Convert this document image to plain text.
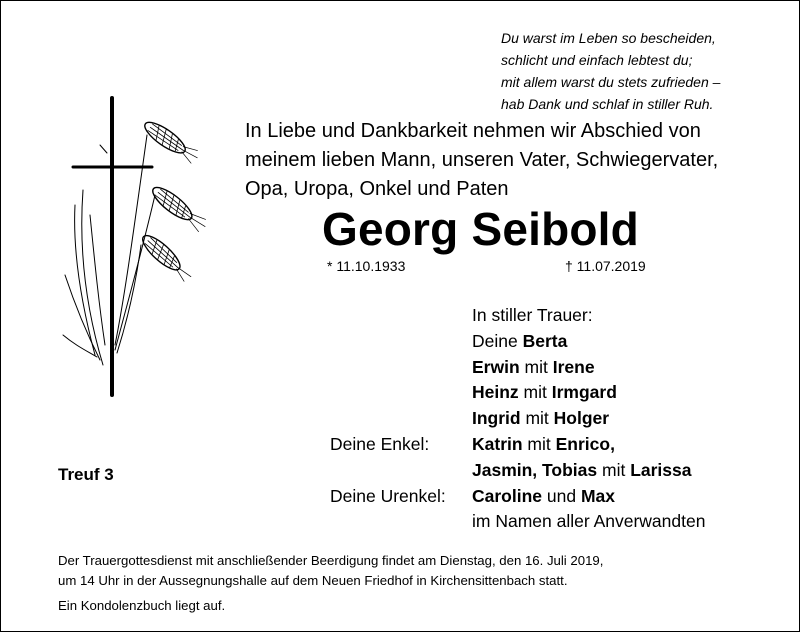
Du warst im Leben so bescheiden,
schlicht und einfach lebtest du;
mit allem warst du stets zufrieden –
hab Dank und schlaf in stiller Ruh.
In Liebe und Dankbarkeit nehmen wir Abschied von
meinem lieben Mann, unseren Vater, Schwiegervater,
Opa, Uropa, Onkel und Paten
Georg Seibold
* 11.10.1933	† 11.07.2019
In stiller Trauer:
Deine Berta
Erwin mit Irene
Heinz mit Irmgard
Ingrid mit Holger
Deine Enkel: Katrin mit Enrico,
Jasmin, Tobias mit Larissa
Deine Urenkel: Caroline und Max
im Namen aller Anverwandten
Treuf 3
Der Trauergottesdienst mit anschließender Beerdigung findet am Dienstag, den 16. Juli 2019,
um 14 Uhr in der Aussegnungshalle auf dem Neuen Friedhof in Kirchensittenbach statt.
Ein Kondolenzbuch liegt auf.
